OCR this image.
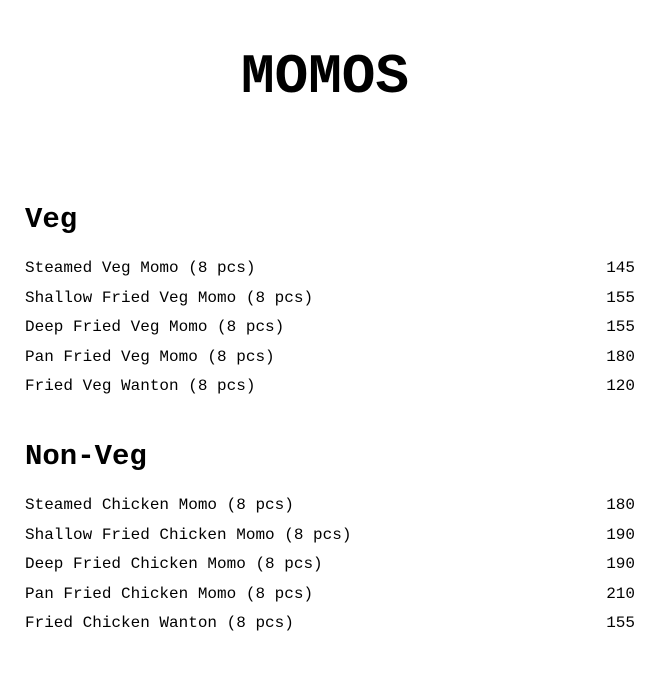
MOMOS
Veg
Steamed Veg Momo (8 pcs)	145
Shallow Fried Veg Momo (8 pcs)	155
Deep Fried Veg Momo (8 pcs)	155
Pan Fried Veg Momo (8 pcs)	180
Fried Veg Wanton (8 pcs)	120
Non-Veg
Steamed Chicken Momo (8 pcs)	180
Shallow Fried Chicken Momo (8 pcs)	190
Deep Fried Chicken Momo (8 pcs)	190
Pan Fried Chicken Momo (8 pcs)	210
Fried Chicken Wanton (8 pcs)	155
